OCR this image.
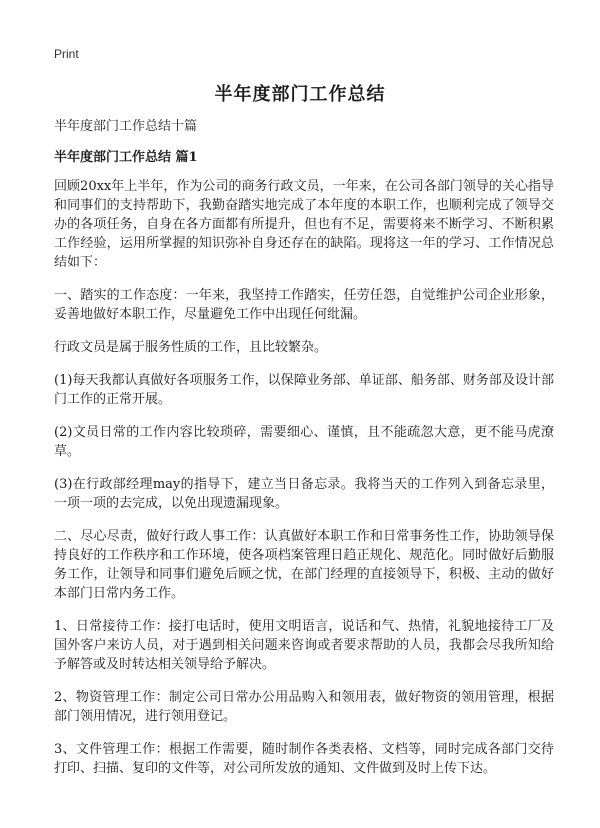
Print
半年度部门工作总结

半年度部门工作总结十篇

半年度部门工作总结 篇1

回顾20xx年上半年，作为公司的商务行政文员，一年来，在公司各部门领导的关心指导和同事们的支持帮助下，我勤奋踏实地完成了本年度的本职工作，也顺利完成了领导交办的各项任务，自身在各方面都有所提升，但也有不足，需要将来不断学习、不断积累工作经验，运用所掌握的知识弥补自身还存在的缺陷。现将这一年的学习、工作情况总结如下：

一、踏实的工作态度：一年来，我坚持工作踏实，任劳任怨，自觉维护公司企业形象，妥善地做好本职工作，尽量避免工作中出现任何纰漏。

行政文员是属于服务性质的工作，且比较繁杂。

(1)每天我都认真做好各项服务工作，以保障业务部、单证部、船务部、财务部及设计部门工作的正常开展。

(2)文员日常的工作内容比较琐碎，需要细心、谨慎，且不能疏忽大意，更不能马虎潦草。

(3)在行政部经理may的指导下，建立当日备忘录。我将当天的工作列入到备忘录里，一项一项的去完成，以免出现遗漏现象。

二、尽心尽责，做好行政人事工作：认真做好本职工作和日常事务性工作，协助领导保持良好的工作秩序和工作环境，使各项档案管理日趋正规化、规范化。同时做好后勤服务工作，让领导和同事们避免后顾之忧，在部门经理的直接领导下，积极、主动的做好本部门日常内务工作。

1、日常接待工作：接打电话时，使用文明语言，说话和气、热情，礼貌地接待工厂及国外客户来访人员，对于遇到相关问题来咨询或者要求帮助的人员，我都会尽我所知给予解答或及时转达相关领导给予解决。

2、物资管理工作：制定公司日常办公用品购入和领用表，做好物资的领用管理，根据部门领用情况，进行领用登记。

3、文件管理工作：根据工作需要，随时制作各类表格、文档等，同时完成各部门交待打印、扫描、复印的文件等，对公司所发放的通知、文件做到及时上传下达。
